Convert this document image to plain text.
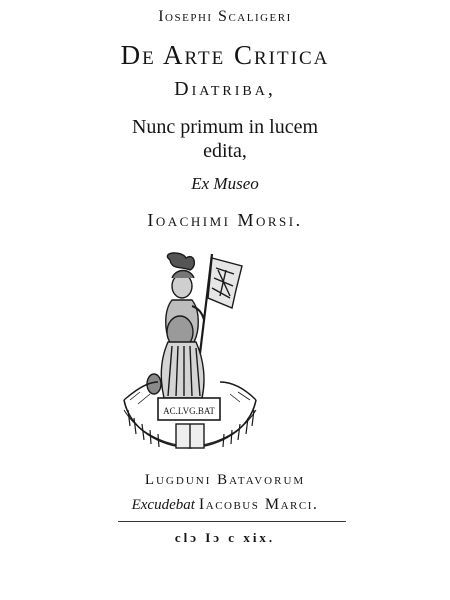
Iosephi Scaligeri
De Arte Critica
Diatriba,
Nunc primum in lucem
edita,
Ex Museo
Ioachimi Morsi.
AC.LVG.BAT
Lugduni Batavorum
Excudebat Iacobus Marci.
clɔ Iɔ c xix.
